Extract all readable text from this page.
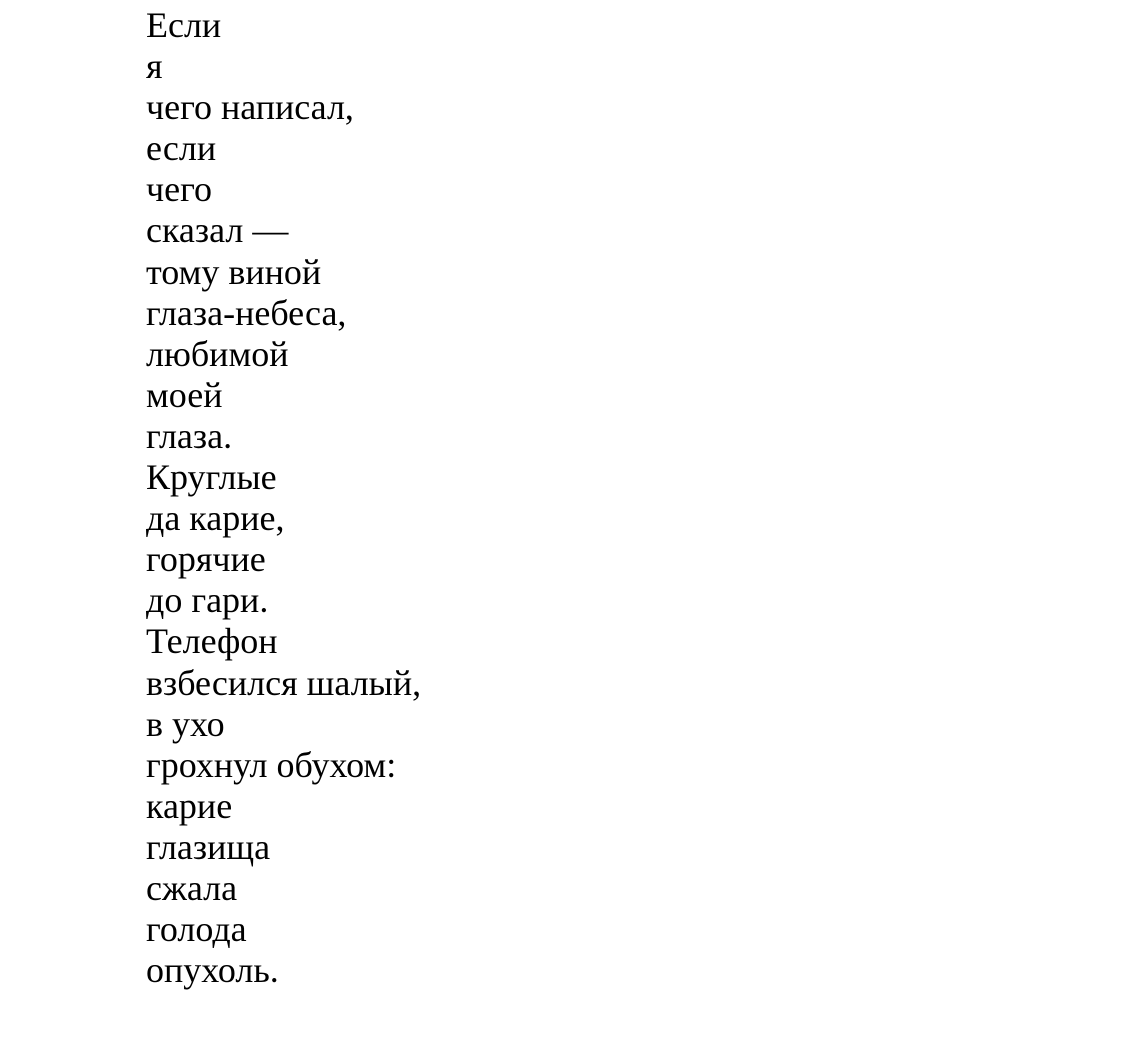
Если
я
чего написал,
если
чего
сказал —
тому виной
глаза-небеса,
любимой
моей
глаза.
Круглые
да карие,
горячие
до гари.
Телефон
взбесился шалый,
в ухо
грохнул обухом:
карие
глазища
сжала
голода
опухоль.
